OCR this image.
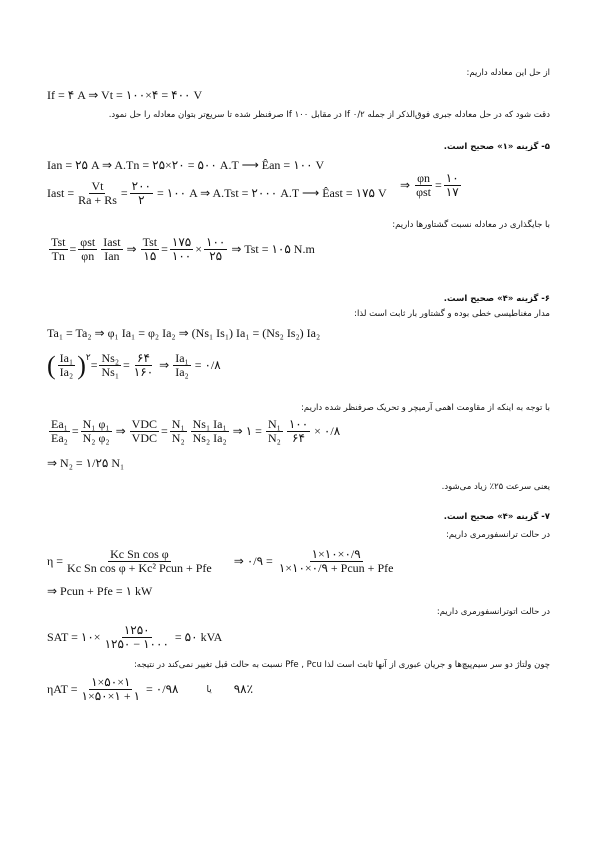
از حل این معادله داریم:
If = ۴ A ⇒ Vt = ۱۰۰×۴ = ۴۰۰ V
دقت شود که در حل معادله جبری فوق‌الذکر از جمله If ۰/۲ در مقابل If ۱۰۰ صرفنظر شده تا سریع‌تر بتوان معادله را حل نمود.
۵- گزینه «۱» صحیح است.
Ian = ۲۵ A ⇒ A.Tn = ۲۵×۲۰ = ۵۰۰ A.T ⟶ Êan = ۱۰۰ V
Iast = $\frac{Vt}{Ra + Rs} = \frac{۲۰۰}{۲}$ = ۱۰۰ A ⇒ A.Tst = ۲۰۰۰ A.T ⟶ Êast = ۱۷۵ V
⇒ $\frac{\varphi n}{\text{φst}} = \frac{۱۰}{۱۷}$
با جایگذاری در معادله نسبت گشتاورها داریم:
$\frac{\text{Tst}}{Tn} = \frac{\text{φst}}{\varphi n} \frac{\text{Iast}}{\text{Ian}}$ ⇒ $\frac{\text{Tst}}{۱۵} = \frac{۱۷۵}{۱۰۰} \times \frac{۱۰۰}{۲۵}$ ⇒ Tst = ۱۰۵ N.m
۶- گزینه «۴» صحیح است.
مدار مغناطیسی خطی بوده و گشتاور بار ثابت است لذا:
Ta₁ = Ta₂ ⇒ φ₁ Ia₁ = φ₂ Ia₂ ⇒ (Ns₁ Is₁) Ia₁ = (Ns₂ Is₂) Ia₂
( $\frac{\text{Ia₁}}{\text{Ia₂}} )^۲$
= $\frac{\text{Ns₂}}{\text{Ns₁}} = \frac{۶۴}{۱۶۰}$ ⇒ $\frac{\text{Ia₁}}{\text{Ia₂}}$ = ۰/۸
با توجه به اینکه از مقاومت اهمی آرمیچر و تحریک صرفنظر شده داریم:
$\frac{\text{Ea₁}}{\text{Ea₂}} = \frac{\text{N₁ φ₁}}{\text{N₂ φ₂}}$ ⇒ $\frac{\text{VDC}}{\text{VDC}} = \frac{\text{N₁}}{\text{N₂}} \frac{\text{Ns₁ Ia₁}}{\text{Ns₂ Ia₂}}$ ⇒ ۱ = $\frac{\text{N₁}}{\text{N₂}} \frac{۱۰۰}{۶۴}$ × ۰/۸
⇒ N₂ = ۱/۲۵ N₁
یعنی سرعت ۲۵٪ زیاد می‌شود.
۷- گزینه «۴» صحیح است.
در حالت ترانسفورمری داریم:
$\eta = \frac{\text{Kc Sn cos φ}}{\text{Kc Sn cos φ + Kc² Pcun + Pfe}}$ ⇒ ۰/۹ = $\frac{۱\times ۱۰\times ۰/۹}{\text{۱×۱۰×۰/۹ + Pcun + Pfe}}$
⇒ Pcun + Pfe = ۱ kW
در حالت اتوترانسفورمری داریم:
SAT = ۱۰× $\frac{۱۲۵۰}{۱۲۵۰ - ۱۰۰۰}$ = ۵۰ kVA
چون ولتاژ دو سر سیم‌پیچ‌ها و جریان عبوری از آنها ثابت است لذا Pfe , Pcu نسبت به حالت قبل تغییر نمی‌کند در نتیجه:
$\eta AT = \frac{۱\times ۵۰\times ۱}{۱\times ۵۰\times ۱ + ۱}$ = ۰/۹۸	یا ۹۸٪
